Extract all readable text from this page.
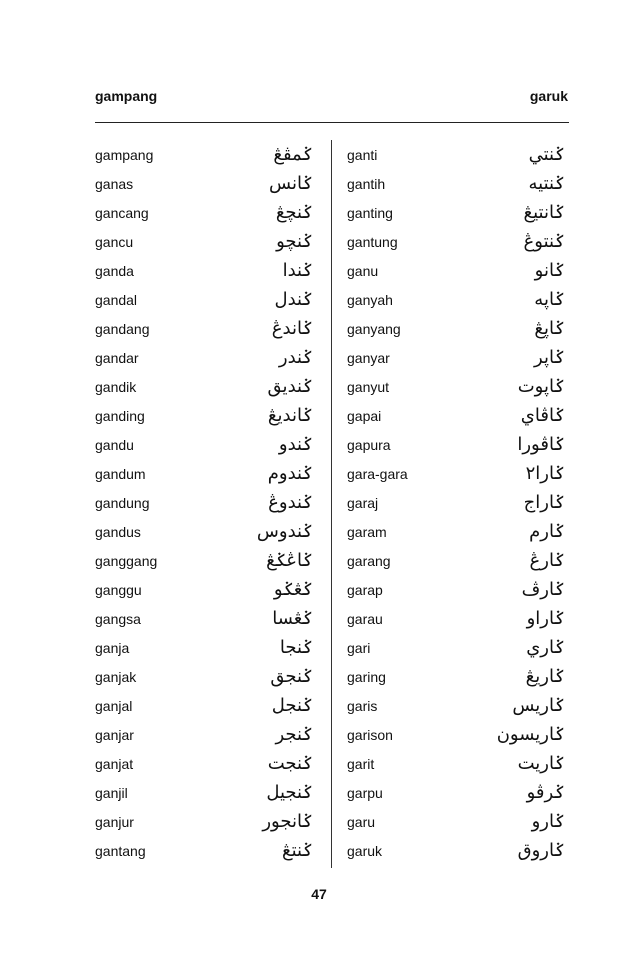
gampang	garuk
gampang	ݢمڤڠ
ganas	ݢانس
gancang	ݢنچڠ
gancu	ݢنچو
ganda	ݢندا
gandal	ݢندل
gandang	ݢاندڠ
gandar	ݢندر
gandik	ݢنديق
ganding	ݢانديڠ
gandu	ݢندو
gandum	ݢندوم
gandung	ݢندوڠ
gandus	ݢندوس
ganggang	ݢاڠݢڠ
ganggu	ݢڠݢو
gangsa	ݢڠسا
ganja	ݢنجا
ganjak	ݢنجق
ganjal	ݢنجل
ganjar	ݢنجر
ganjat	ݢنجت
ganjil	ݢنجيل
ganjur	ݢانجور
gantang	ݢنتڠ
ganti	ݢنتي
gantih	ݢنتيه
ganting	ݢانتيڠ
gantung	ݢنتوڠ
ganu	ݢانو
ganyah	ݢاڽه
ganyang	ݢاڽڠ
ganyar	ݢاڽر
ganyut	ݢاڽوت
gapai	ݢاڤاي
gapura	ݢاڤورا
gara-gara	ݢارا٢
garaj	ݢاراج
garam	ݢارم
garang	ݢارڠ
garap	ݢارڤ
garau	ݢاراو
gari	ݢاري
garing	ݢاريڠ
garis	ݢاريس
garison	ݢاريسون
garit	ݢاريت
garpu	ݢرڤو
garu	ݢارو
garuk	ݢاروق
47
